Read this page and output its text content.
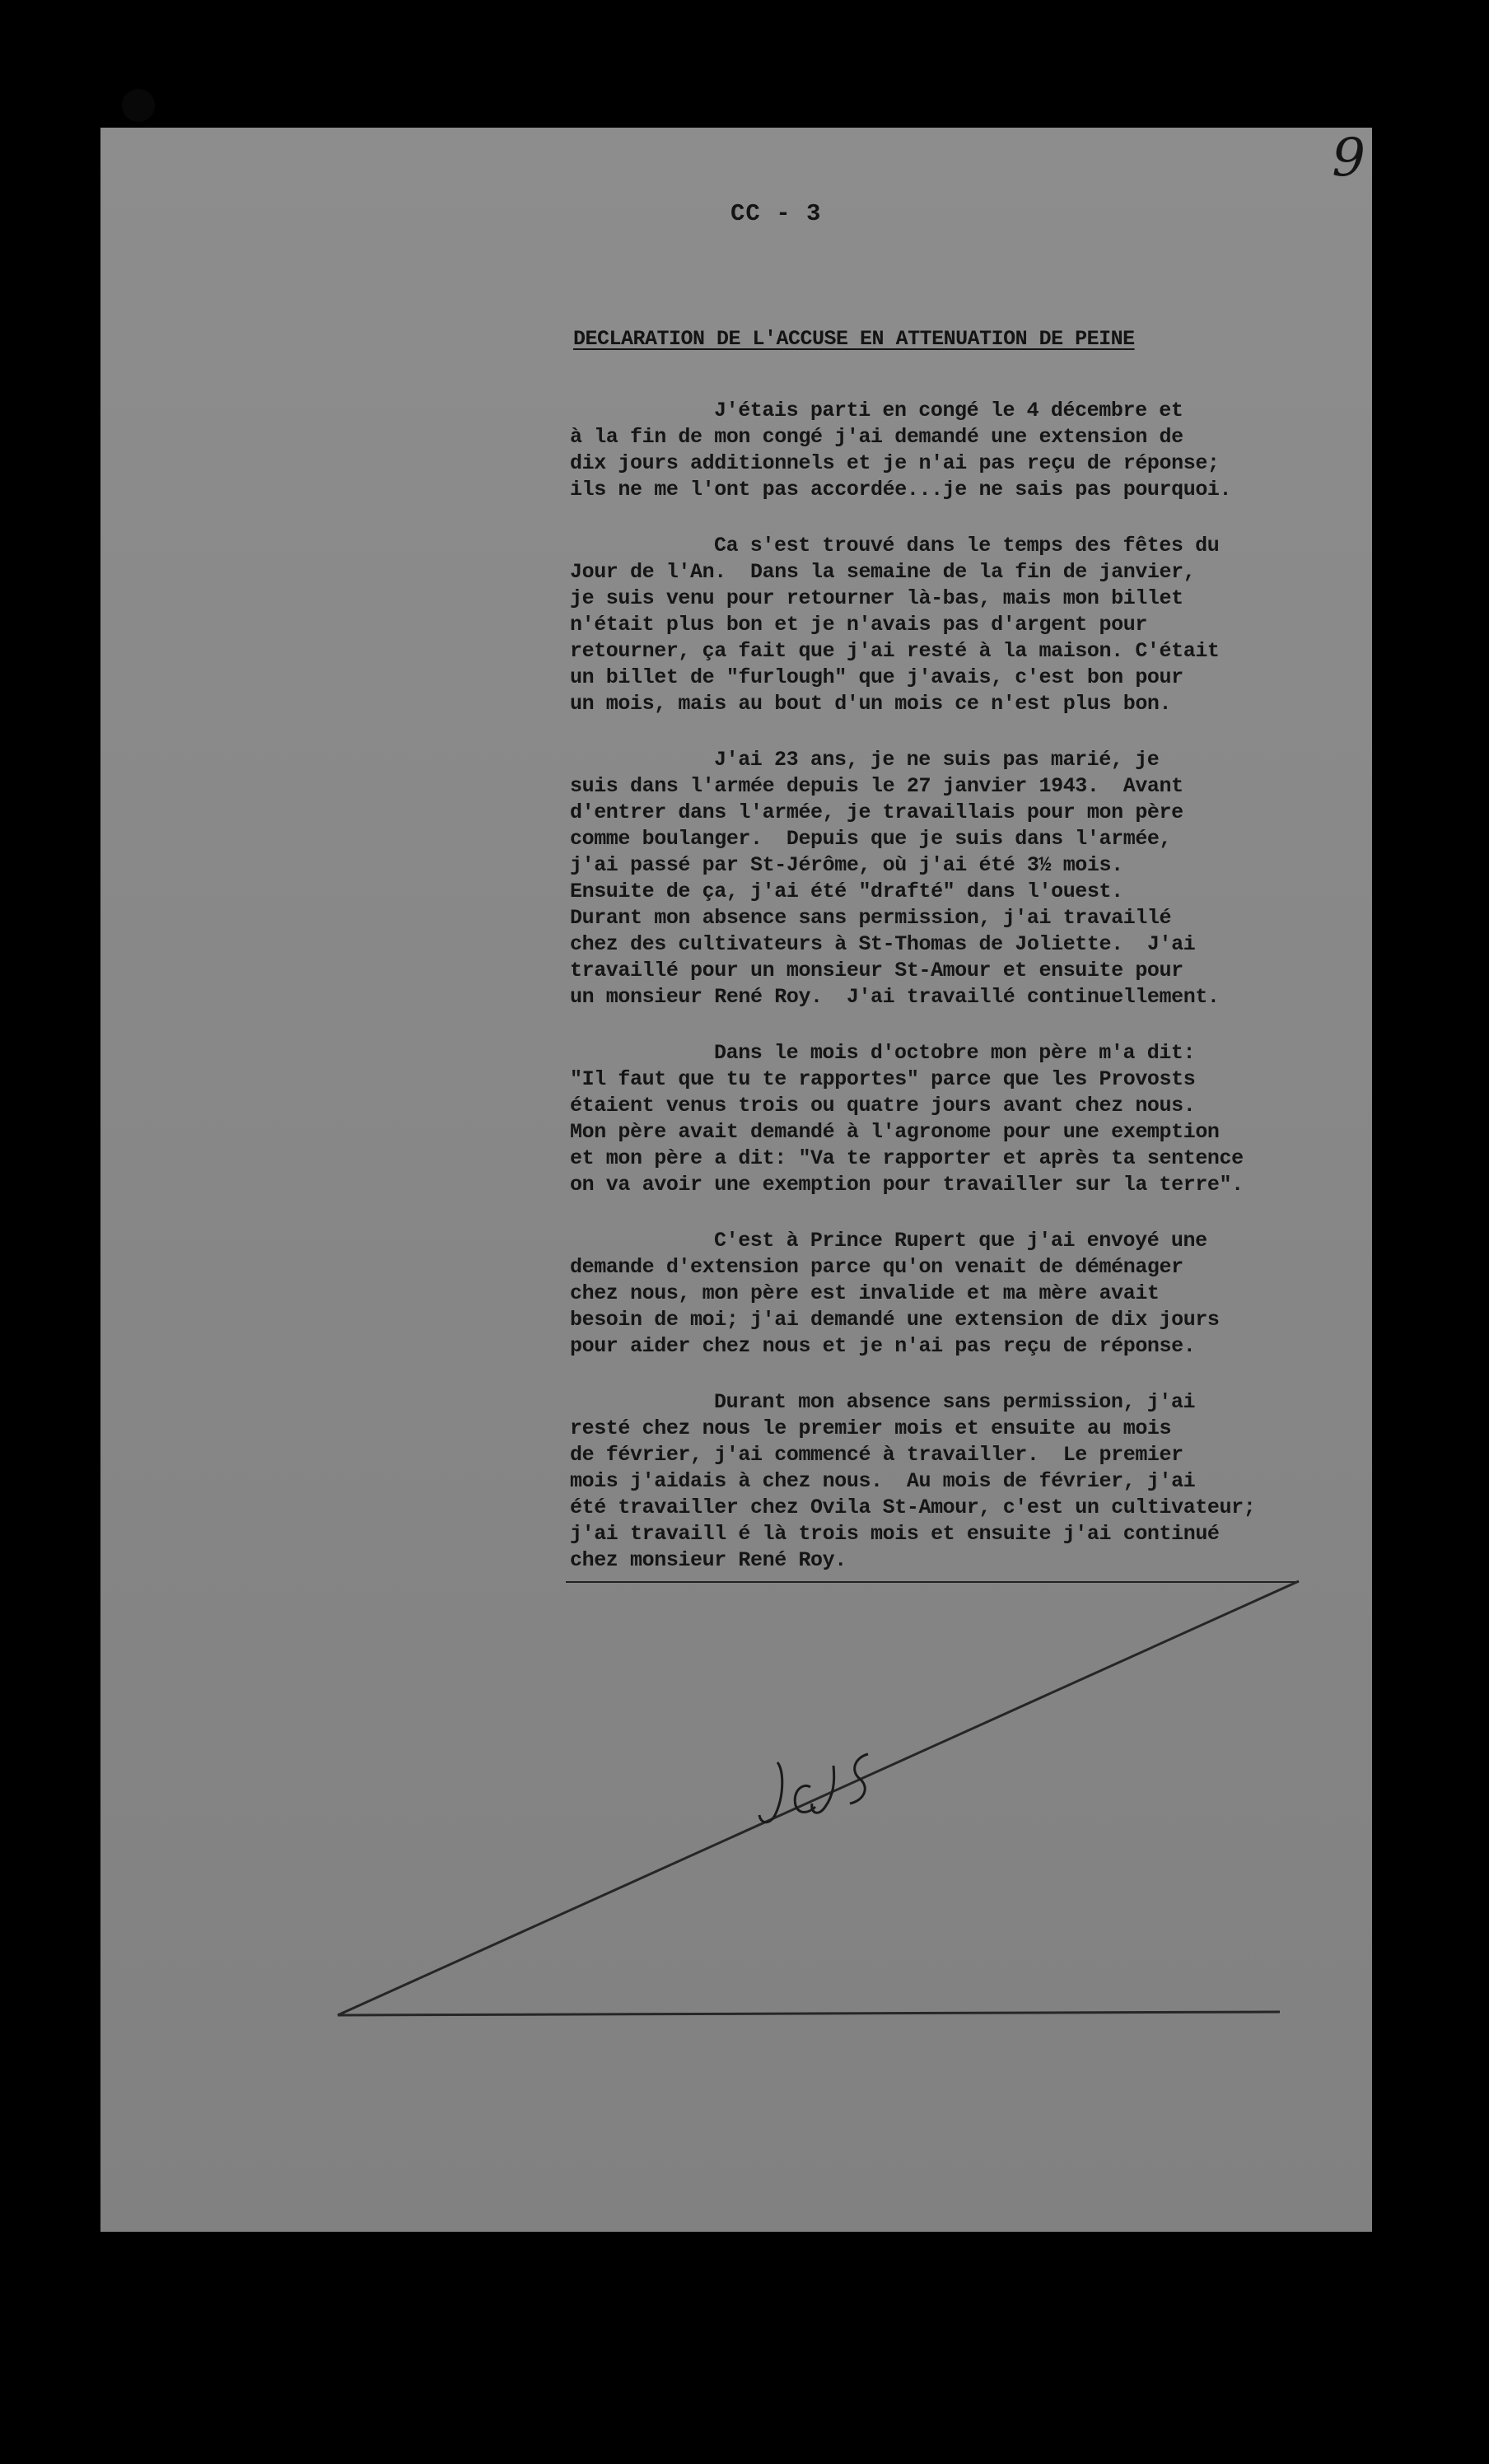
9
CC - 3
DECLARATION DE L'ACCUSE EN ATTENUATION DE PEINE
J'étais parti en congé le 4 décembre et
à la fin de mon congé j'ai demandé une extension de
dix jours additionnels et je n'ai pas reçu de réponse;
ils ne me l'ont pas accordée...je ne sais pas pourquoi.
Ca s'est trouvé dans le temps des fêtes du
Jour de l'An.  Dans la semaine de la fin de janvier,
je suis venu pour retourner là-bas, mais mon billet
n'était plus bon et je n'avais pas d'argent pour
retourner, ça fait que j'ai resté à la maison. C'était
un billet de "furlough" que j'avais, c'est bon pour
un mois, mais au bout d'un mois ce n'est plus bon.
J'ai 23 ans, je ne suis pas marié, je
suis dans l'armée depuis le 27 janvier 1943.  Avant
d'entrer dans l'armée, je travaillais pour mon père
comme boulanger.  Depuis que je suis dans l'armée,
j'ai passé par St-Jérôme, où j'ai été 3½ mois.
Ensuite de ça, j'ai été "drafté" dans l'ouest.
Durant mon absence sans permission, j'ai travaillé
chez des cultivateurs à St-Thomas de Joliette.  J'ai
travaillé pour un monsieur St-Amour et ensuite pour
un monsieur René Roy.  J'ai travaillé continuellement.
Dans le mois d'octobre mon père m'a dit:
"Il faut que tu te rapportes" parce que les Provosts
étaient venus trois ou quatre jours avant chez nous.
Mon père avait demandé à l'agronome pour une exemption
et mon père a dit: "Va te rapporter et après ta sentence
on va avoir une exemption pour travailler sur la terre".
C'est à Prince Rupert que j'ai envoyé une
demande d'extension parce qu'on venait de déménager
chez nous, mon père est invalide et ma mère avait
besoin de moi; j'ai demandé une extension de dix jours
pour aider chez nous et je n'ai pas reçu de réponse.
Durant mon absence sans permission, j'ai
resté chez nous le premier mois et ensuite au mois
de février, j'ai commencé à travailler.  Le premier
mois j'aidais à chez nous.  Au mois de février, j'ai
été travailler chez Ovila St-Amour, c'est un cultivateur;
j'ai travaill é là trois mois et ensuite j'ai continué
chez monsieur René Roy.
